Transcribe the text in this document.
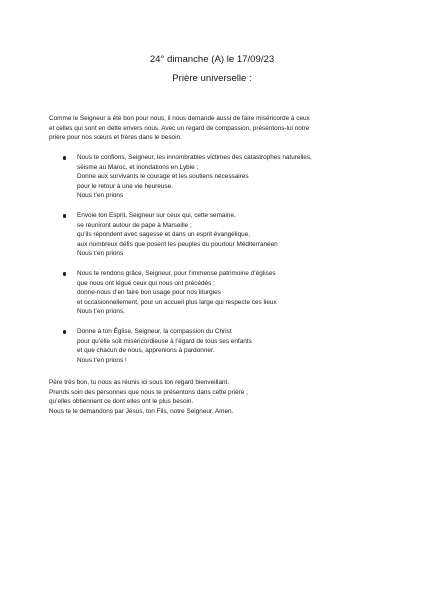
24° dimanche (A) le 17/09/23
Prière universelle :
Comme le Seigneur a été bon pour nous, il nous demande aussi de faire miséricorde à ceux
et celles qui sont en dette envers nous. Avec un regard de compassion, présentons-lui notre
prière pour nos sœurs et frères dans le besoin.
Nous te confions, Seigneur, les innombrables victimes des catastrophes naturelles,
séisme au Maroc, et inondations en Lybie ;
Donne aux survivants le courage et les soutiens nécessaires
pour le retour à une vie heureuse.
Nous t’en prions
Envoie ton Esprit, Seigneur sur ceux qui, cette semaine,
se réuniront autour de pape à Marseille ;
qu’ils répondent avec sagesse et dans un esprit évangélique,
aux nombreux défis que posent les peuples du pourtour Méditerranéen
Nous t’en prions
Nous te rendons grâce, Seigneur, pour l’immense patrimoine d’églises
que nous ont légué ceux qui nous ont précédés ;
donne-nous d’en faire bon usage pour nos liturgies
et occasionnellement, pour un accueil plus large qui respecte ces lieux
Nous t’en prions.
Donne à ton Église, Seigneur, la compassion du Christ
pour qu’elle soit miséricordieuse à l’égard de tous ses enfants
et que chacun de nous, apprenions à pardonner.
Nous t’en prions !
Père très bon, tu nous as réunis ici sous ton regard bienveillant.
Prends soin des personnes que nous te présentons dans cette prière ;
qu’elles obtiennent ce dont elles ont le plus besoin.
Nous te le demandons par Jésus, ton Fils, notre Seigneur. Amen.
